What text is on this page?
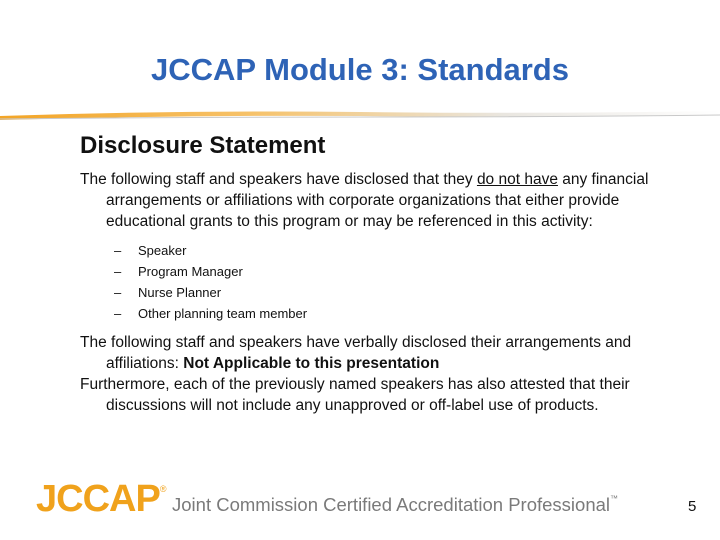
JCCAP Module 3: Standards
Disclosure Statement

The following staff and speakers have disclosed that they do not have any financial arrangements or affiliations with corporate organizations that either provide educational grants to this program or may be referenced in this activity:

– Speaker
– Program Manager
– Nurse Planner
– Other planning team member

The following staff and speakers have verbally disclosed their arrangements and affiliations: Not Applicable to this presentation

Furthermore, each of the previously named speakers has also attested that their discussions will not include any unapproved or off-label use of products.

JCCAP®
Joint Commission Certified Accreditation Professional™	5
